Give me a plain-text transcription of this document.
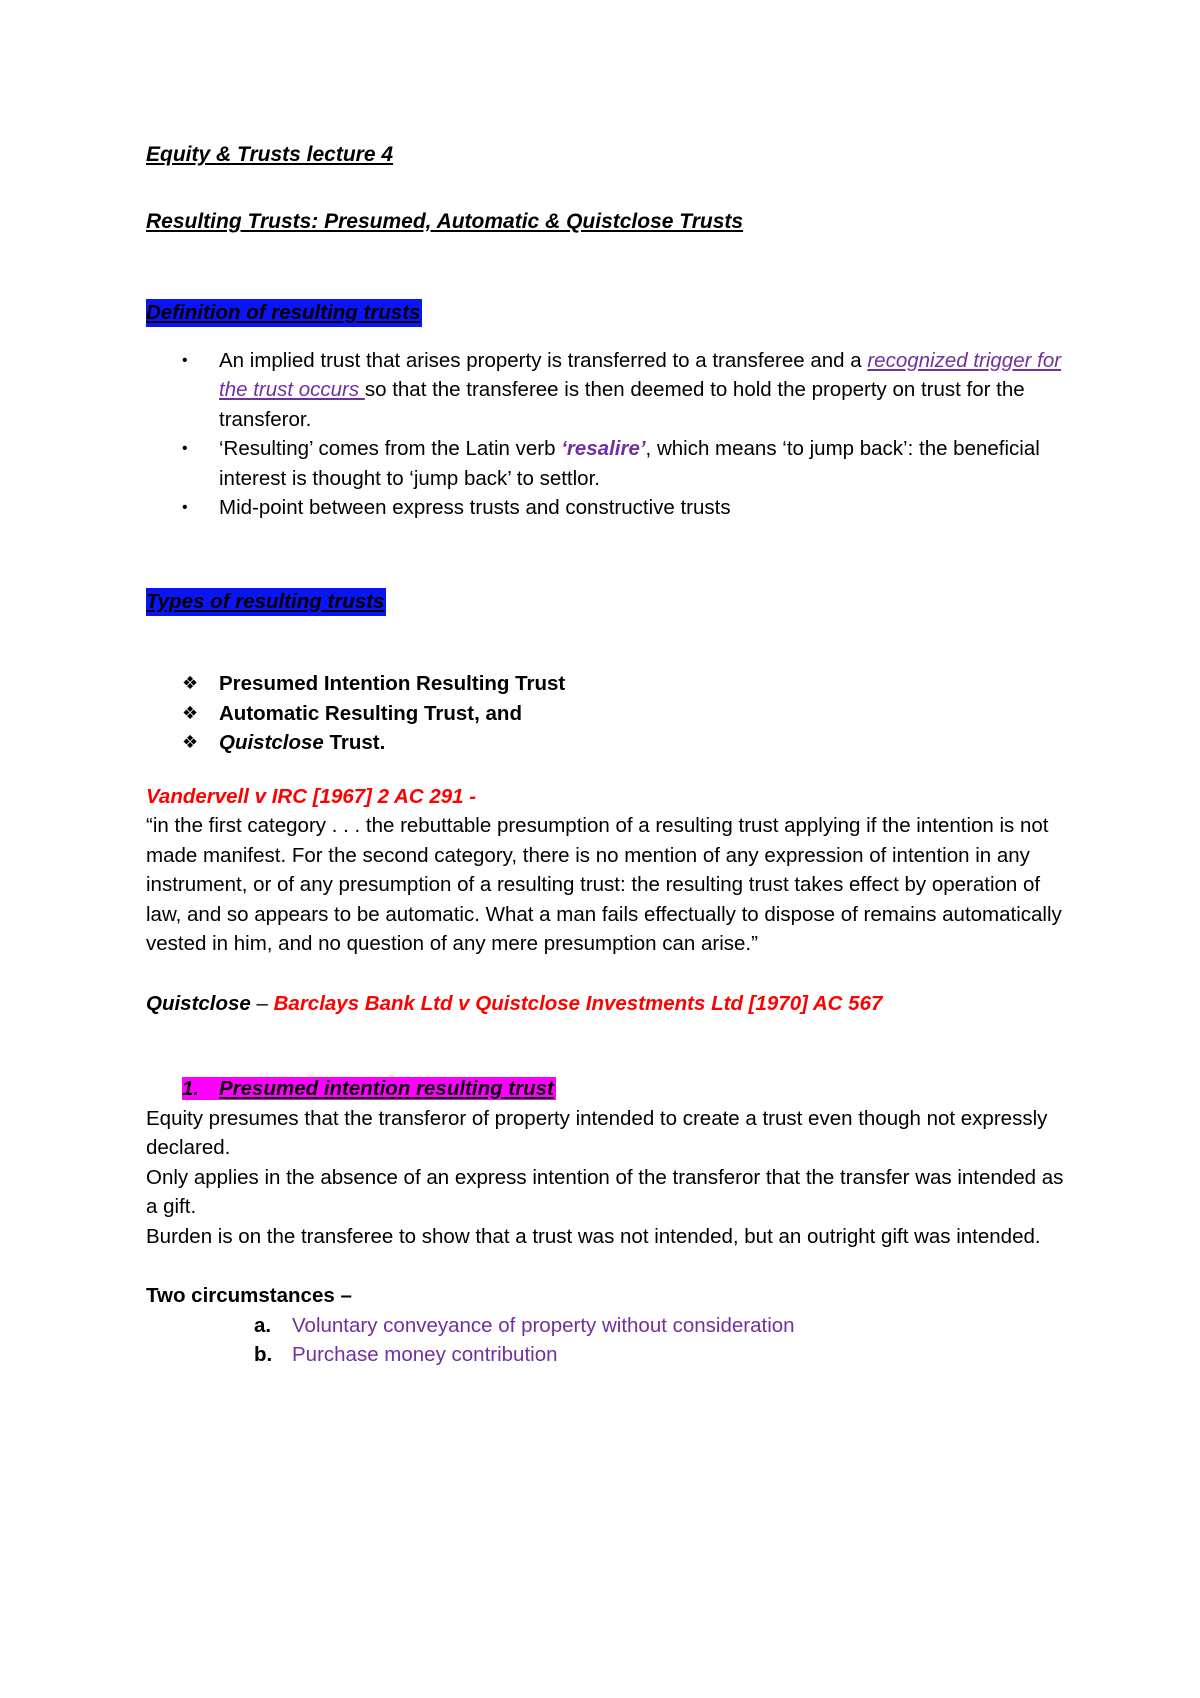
Equity & Trusts lecture 4

Resulting Trusts: Presumed, Automatic & Quistclose Trusts

Definition of resulting trusts

• An implied trust that arises property is transferred to a transferee and a recognized trigger for the trust occurs so that the transferee is then deemed to hold the property on trust for the transferor.
• ‘Resulting’ comes from the Latin verb ‘resalire’, which means ‘to jump back’: the beneficial interest is thought to ‘jump back’ to settlor.
• Mid-point between express trusts and constructive trusts

Types of resulting trusts

❖ Presumed Intention Resulting Trust
❖ Automatic Resulting Trust, and
❖ Quistclose Trust.

Vandervell v IRC [1967] 2 AC 291 -

“in the first category . . . the rebuttable presumption of a resulting trust applying if the intention is not made manifest. For the second category, there is no mention of any expression of intention in any instrument, or of any presumption of a resulting trust: the resulting trust takes effect by operation of law, and so appears to be automatic. What a man fails effectually to dispose of remains automatically vested in him, and no question of any mere presumption can arise.”

Quistclose – Barclays Bank Ltd v Quistclose Investments Ltd [1970] AC 567

1. Presumed intention resulting trust

Equity presumes that the transferor of property intended to create a trust even though not expressly declared.

Only applies in the absence of an express intention of the transferor that the transfer was intended as a gift.

Burden is on the transferee to show that a trust was not intended, but an outright gift was intended.

Two circumstances –

a. Voluntary conveyance of property without consideration
b. Purchase money contribution
